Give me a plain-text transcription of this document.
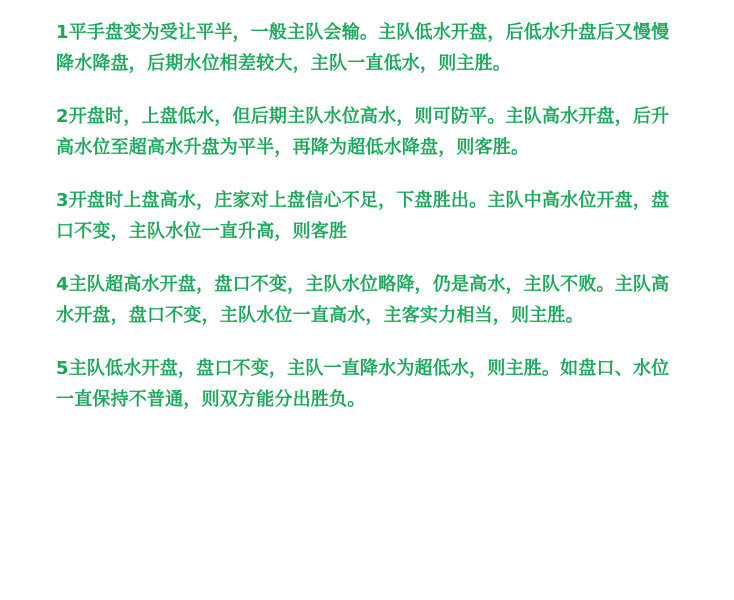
1平手盘变为受让平半，一般主队会输。主队低水开盘，后低水升盘后又慢慢降水降盘，后期水位相差较大，主队一直低水，则主胜。

2开盘时，上盘低水，但后期主队水位高水，则可防平。主队高水开盘，后升高水位至超高水升盘为平半，再降为超低水降盘，则客胜。

3开盘时上盘高水，庄家对上盘信心不足，下盘胜出。主队中高水位开盘，盘口不变，主队水位一直升高，则客胜

4主队超高水开盘，盘口不变，主队水位略降，仍是高水，主队不败。主队高水开盘，盘口不变，主队水位一直高水，主客实力相当，则主胜。

5主队低水开盘，盘口不变，主队一直降水为超低水，则主胜。如盘口、水位一直保持不普通，则双方能分出胜负。
